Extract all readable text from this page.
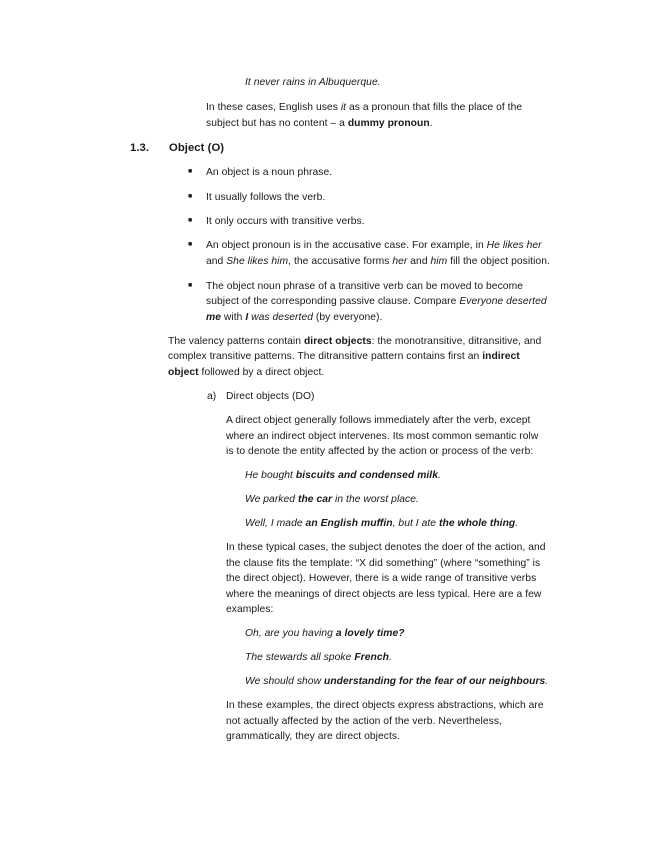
It never rains in Albuquerque.
In these cases, English uses it as a pronoun that fills the place of the
subject but has no content – a dummy pronoun.
1.3. Object (O)
■ An object is a noun phrase.
■ It usually follows the verb.
■ It only occurs with transitive verbs.
■ An object pronoun is in the accusative case. For example, in He likes her
and She likes him, the accusative forms her and him fill the object position.
■ The object noun phrase of a transitive verb can be moved to become
subject of the corresponding passive clause. Compare Everyone deserted
me with I was deserted (by everyone).
The valency patterns contain direct objects: the monotransitive, ditransitive, and
complex transitive patterns. The ditransitive pattern contains first an indirect
object followed by a direct object.
a) Direct objects (DO)
A direct object generally follows immediately after the verb, except
where an indirect object intervenes. Its most common semantic rolw
is to denote the entity affected by the action or process of the verb:
He bought biscuits and condensed milk.
We parked the car in the worst place.
Well, I made an English muffin, but I ate the whole thing.
In these typical cases, the subject denotes the doer of the action, and
the clause fits the template: “X did something” (where “something” is
the direct object). However, there is a wide range of transitive verbs
where the meanings of direct objects are less typical. Here are a few
examples:
Oh, are you having a lovely time?
The stewards all spoke French.
We should show understanding for the fear of our neighbours.
In these examples, the direct objects express abstractions, which are
not actually affected by the action of the verb. Nevertheless,
grammatically, they are direct objects.
